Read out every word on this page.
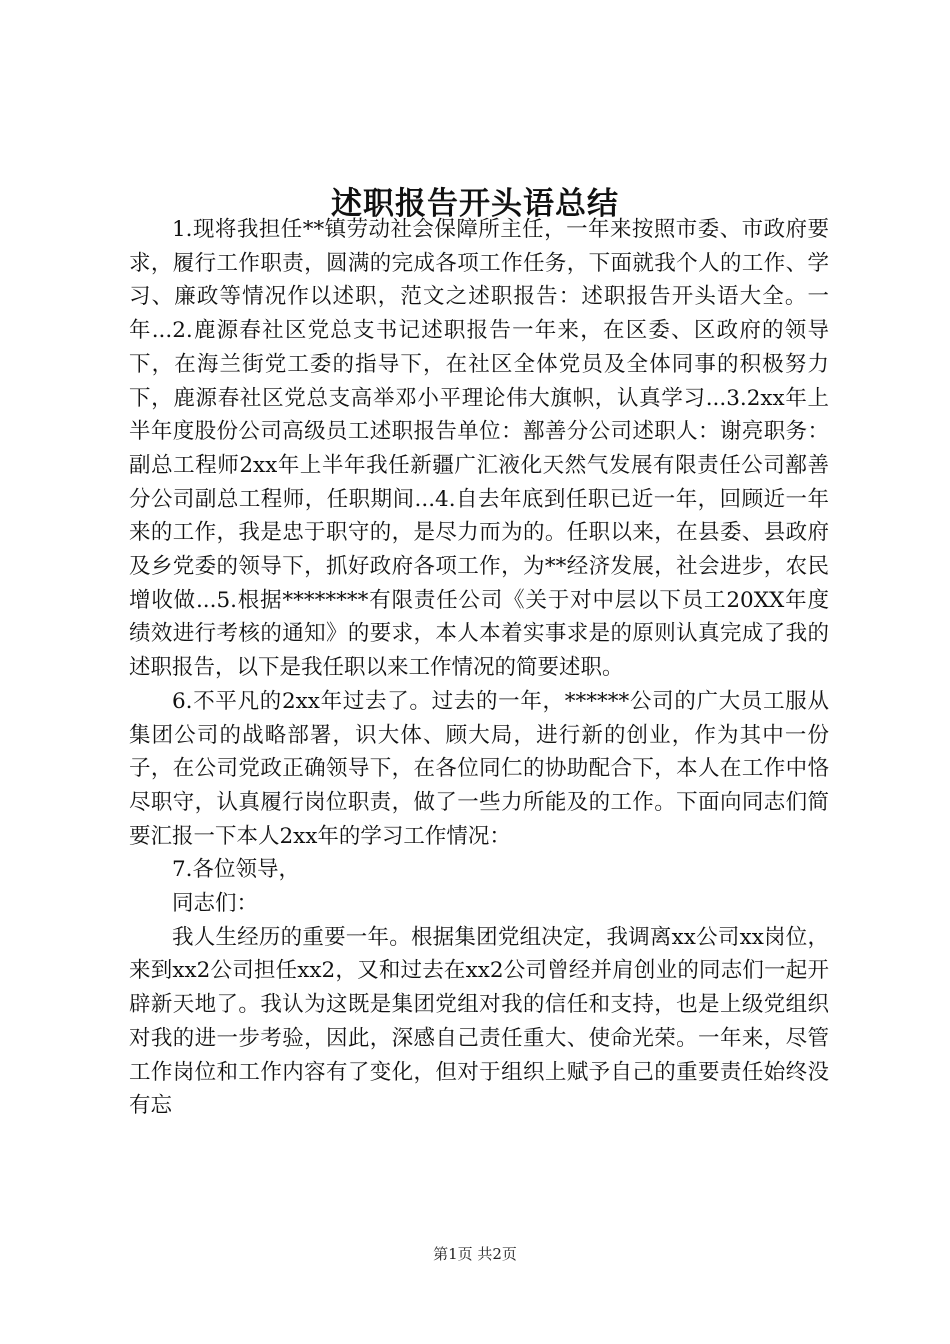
述职报告开头语总结

1.现将我担任**镇劳动社会保障所主任，一年来按照市委、市政府要求，履行工作职责，圆满的完成各项工作任务，下面就我个人的工作、学习、廉政等情况作以述职，范文之述职报告：述职报告开头语大全。一年...2.鹿源春社区党总支书记述职报告一年来，在区委、区政府的领导下，在海兰街党工委的指导下，在社区全体党员及全体同事的积极努力下，鹿源春社区党总支高举邓小平理论伟大旗帜，认真学习...3.2xx年上半年度股份公司高级员工述职报告单位：鄯善分公司述职人：谢亮职务：副总工程师2xx年上半年我任新疆广汇液化天然气发展有限责任公司鄯善分公司副总工程师，任职期间...4.自去年底到任职已近一年，回顾近一年来的工作，我是忠于职守的，是尽力而为的。任职以来，在县委、县政府及乡党委的领导下，抓好政府各项工作，为**经济发展，社会进步，农民增收做...5.根据********有限责任公司《关于对中层以下员工20XX年度绩效进行考核的通知》的要求，本人本着实事求是的原则认真完成了我的述职报告，以下是我任职以来工作情况的简要述职。

6.不平凡的2xx年过去了。过去的一年，******公司的广大员工服从集团公司的战略部署，识大体、顾大局，进行新的创业，作为其中一份子，在公司党政正确领导下，在各位同仁的协助配合下，本人在工作中恪尽职守，认真履行岗位职责，做了一些力所能及的工作。下面向同志们简要汇报一下本人2xx年的学习工作情况：

7.各位领导，

同志们：

我人生经历的重要一年。根据集团党组决定，我调离xx公司xx岗位，来到xx2公司担任xx2，又和过去在xx2公司曾经并肩创业的同志们一起开辟新天地了。我认为这既是集团党组对我的信任和支持，也是上级党组织对我的进一步考验，因此，深感自己责任重大、使命光荣。一年来，尽管工作岗位和工作内容有了变化，但对于组织上赋予自己的重要责任始终没有忘

第1页 共2页
